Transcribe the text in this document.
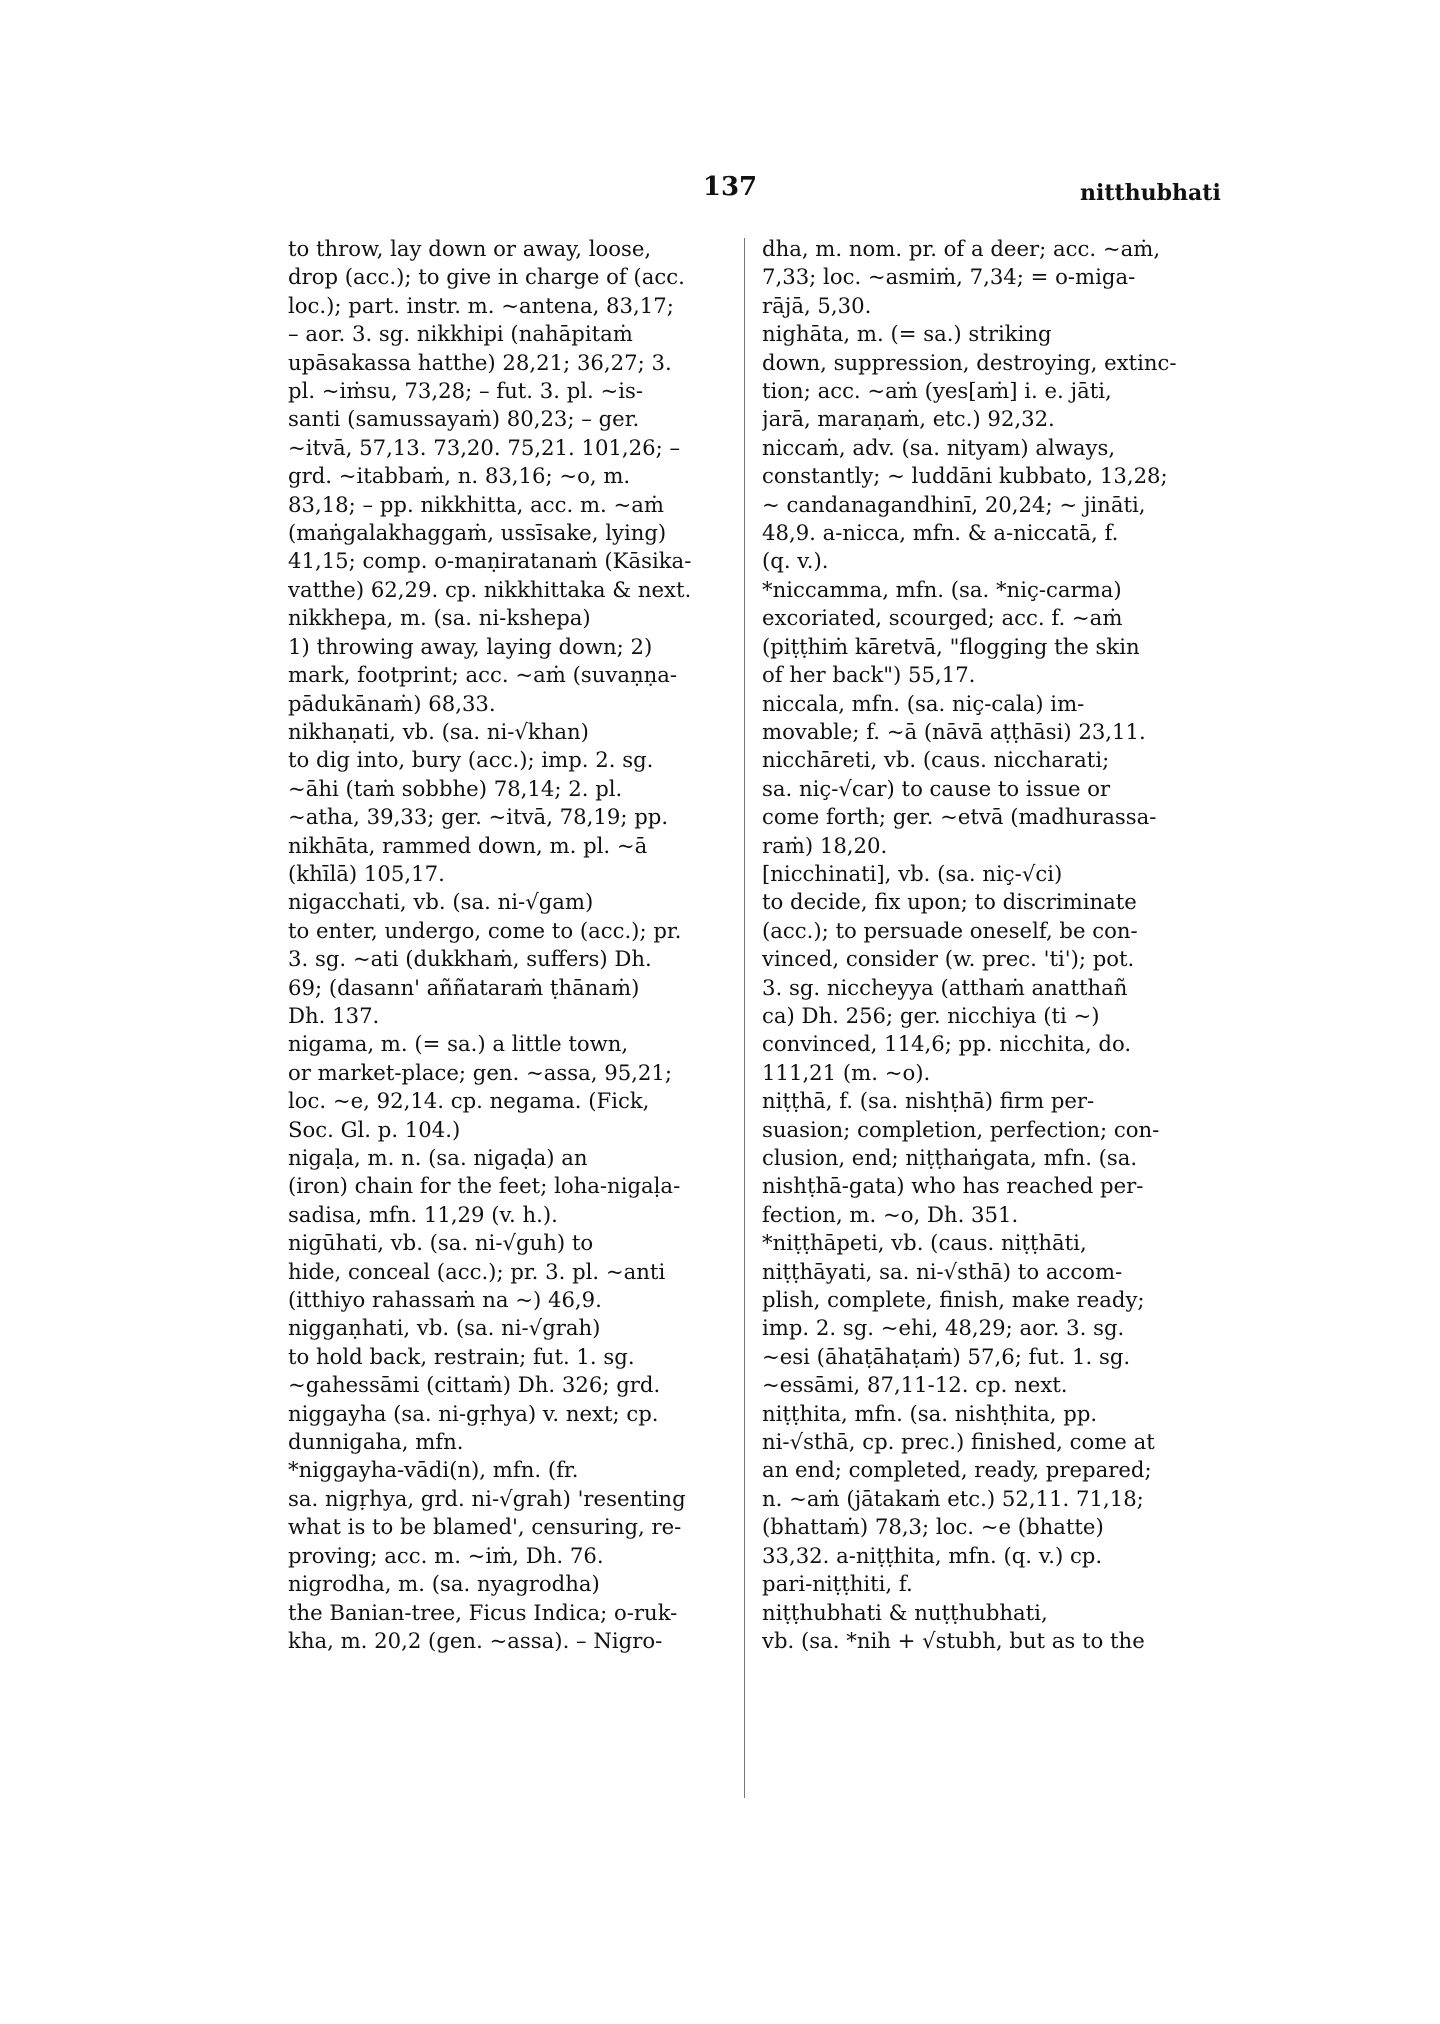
137	nitthubhati
to throw, lay down or away, loose,
drop (acc.); to give in charge of (acc.
loc.); part. instr. m. ~antena, 83,17;
– aor. 3. sg. nikkhipi (nahāpitaṁ
upāsakassa hatthe) 28,21; 36,27; 3.
pl. ~iṁsu, 73,28; – fut. 3. pl. ~is-
santi (samussayaṁ) 80,23; – ger.
~itvā, 57,13. 73,20. 75,21. 101,26; –
grd. ~itabbaṁ, n. 83,16; ~o, m.
83,18; – pp. nikkhitta, acc. m. ~aṁ
(maṅgalakhaggaṁ, ussīsake, lying)
41,15; comp. o-maṇiratanaṁ (Kāsika-
vatthe) 62,29. cp. nikkhittaka & next.
nikkhepa, m. (sa. ni-kshepa)
1) throwing away, laying down; 2)
mark, footprint; acc. ~aṁ (suvaṇṇa-
pādukānaṁ) 68,33.
nikhaṇati, vb. (sa. ni-√khan)
to dig into, bury (acc.); imp. 2. sg.
~āhi (taṁ sobbhe) 78,14; 2. pl.
~atha, 39,33; ger. ~itvā, 78,19; pp.
nikhāta, rammed down, m. pl. ~ā
(khīlā) 105,17.
nigacchati, vb. (sa. ni-√gam)
to enter, undergo, come to (acc.); pr.
3. sg. ~ati (dukkhaṁ, suffers) Dh.
69; (dasann' aññataraṁ ṭhānaṁ)
Dh. 137.
nigama, m. (= sa.) a little town,
or market-place; gen. ~assa, 95,21;
loc. ~e, 92,14. cp. negama. (Fick,
Soc. Gl. p. 104.)
nigaḷa, m. n. (sa. nigaḍa) an
(iron) chain for the feet; loha-nigaḷa-
sadisa, mfn. 11,29 (v. h.).
nigūhati, vb. (sa. ni-√guh) to
hide, conceal (acc.); pr. 3. pl. ~anti
(itthiyo rahassaṁ na ~) 46,9.
niggaṇhati, vb. (sa. ni-√grah)
to hold back, restrain; fut. 1. sg.
~gahessāmi (cittaṁ) Dh. 326; grd.
niggayha (sa. ni-gṛhya) v. next; cp.
dunnigaha, mfn.
*niggayha-vādi(n), mfn. (fr.
sa. nigṛhya, grd. ni-√grah) 'resenting
what is to be blamed', censuring, re-
proving; acc. m. ~iṁ, Dh. 76.
nigrodha, m. (sa. nyagrodha)
the Banian-tree, Ficus Indica; o-ruk-
kha, m. 20,2 (gen. ~assa). – Nigro-
dha, m. nom. pr. of a deer; acc. ~aṁ,
7,33; loc. ~asmiṁ, 7,34; = o-miga-
rājā, 5,30.
nighāta, m. (= sa.) striking
down, suppression, destroying, extinc-
tion; acc. ~aṁ (yes[aṁ] i. e. jāti,
jarā, maraṇaṁ, etc.) 92,32.
niccaṁ, adv. (sa. nityam) always,
constantly; ~ luddāni kubbato, 13,28;
~ candanagandhinī, 20,24; ~ jināti,
48,9. a-nicca, mfn. & a-niccatā, f.
(q. v.).
*niccamma, mfn. (sa. *niç-carma)
excoriated, scourged; acc. f. ~aṁ
(piṭṭhiṁ kāretvā, "flogging the skin
of her back") 55,17.
niccala, mfn. (sa. niç-cala) im-
movable; f. ~ā (nāvā aṭṭhāsi) 23,11.
nicchāreti, vb. (caus. niccharati;
sa. niç-√car) to cause to issue or
come forth; ger. ~etvā (madhurassa-
raṁ) 18,20.
[nicchinati], vb. (sa. niç-√ci)
to decide, fix upon; to discriminate
(acc.); to persuade oneself, be con-
vinced, consider (w. prec. 'ti'); pot.
3. sg. niccheyya (atthaṁ anatthañ
ca) Dh. 256; ger. nicchiya (ti ~)
convinced, 114,6; pp. nicchita, do.
111,21 (m. ~o).
niṭṭhā, f. (sa. nishṭhā) firm per-
suasion; completion, perfection; con-
clusion, end; niṭṭhaṅgata, mfn. (sa.
nishṭhā-gata) who has reached per-
fection, m. ~o, Dh. 351.
*niṭṭhāpeti, vb. (caus. niṭṭhāti,
niṭṭhāyati, sa. ni-√sthā) to accom-
plish, complete, finish, make ready;
imp. 2. sg. ~ehi, 48,29; aor. 3. sg.
~esi (āhaṭāhaṭaṁ) 57,6; fut. 1. sg.
~essāmi, 87,11-12. cp. next.
niṭṭhita, mfn. (sa. nishṭhita, pp.
ni-√sthā, cp. prec.) finished, come at
an end; completed, ready, prepared;
n. ~aṁ (jātakaṁ etc.) 52,11. 71,18;
(bhattaṁ) 78,3; loc. ~e (bhatte)
33,32. a-niṭṭhita, mfn. (q. v.) cp.
pari-niṭṭhiti, f.
niṭṭhubhati & nuṭṭhubhati,
vb. (sa. *nih + √stubh, but as to the
